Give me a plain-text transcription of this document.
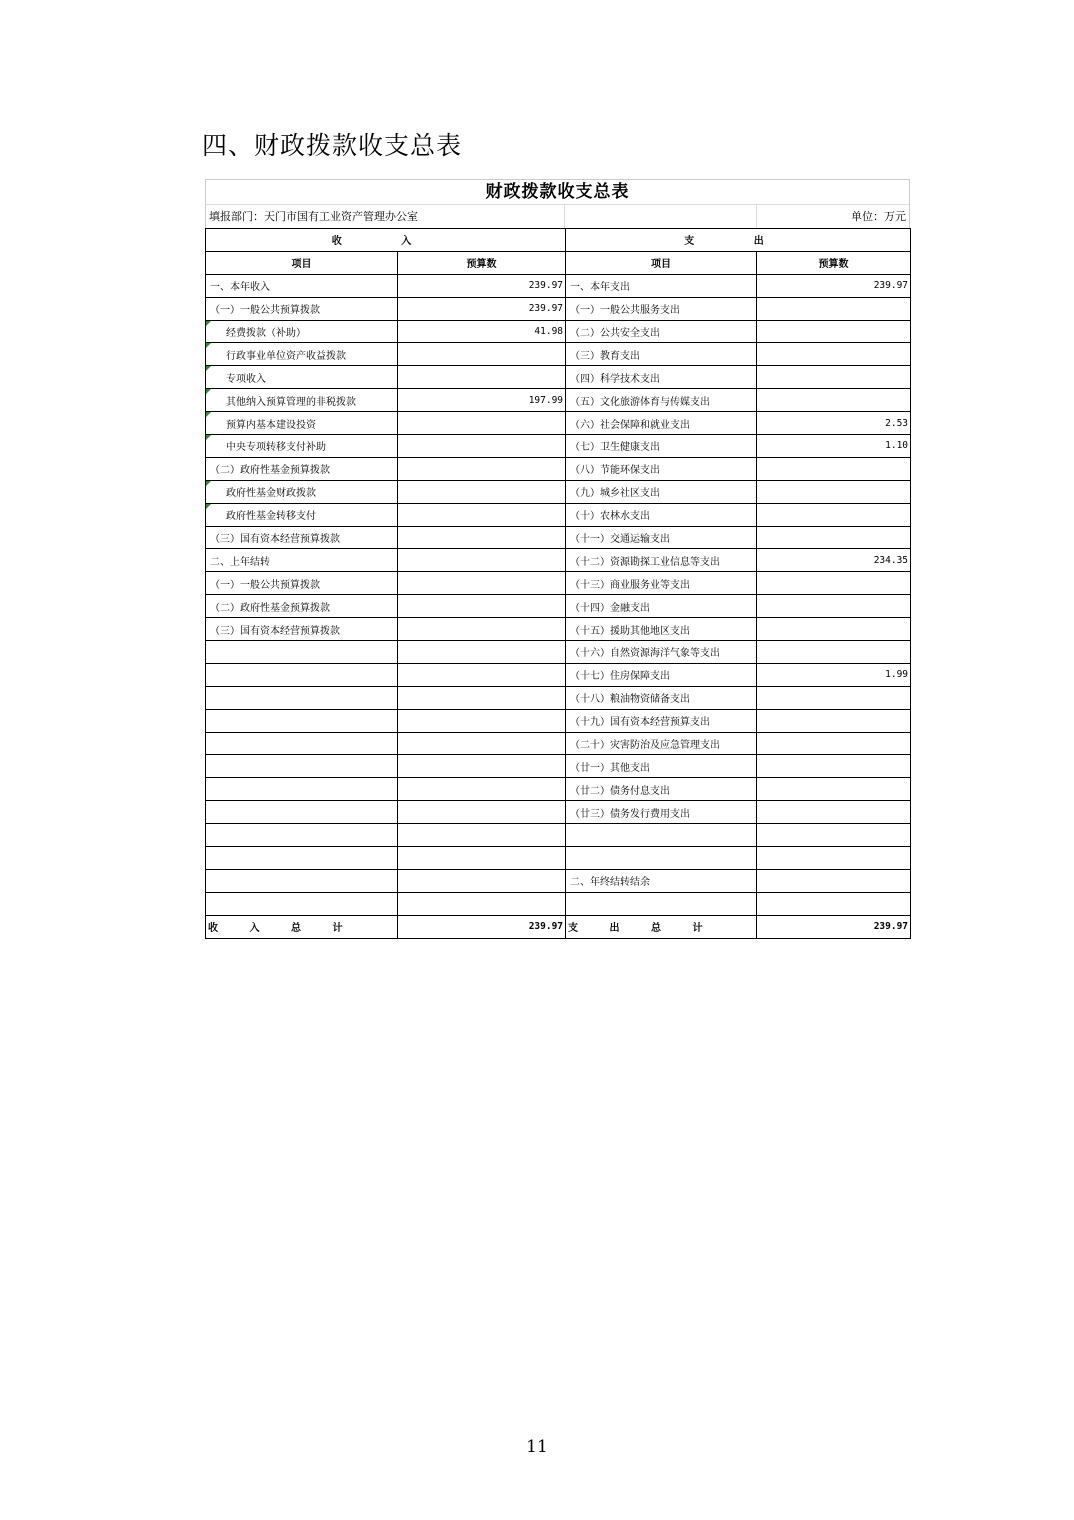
四、财政拨款收支总表
财政拨款收支总表
填报部门：天门市国有工业资产管理办公室	单位：万元
收 入		支 出	
项目	预算数	项目	预算数
一、本年收入	239.97	一、本年支出	239.97
（一）一般公共预算拨款	239.97	（一）一般公共服务支出	
经费拨款（补助）	41.98	（二）公共安全支出	
行政事业单位资产收益拨款		（三）教育支出	
专项收入		（四）科学技术支出	
其他纳入预算管理的非税拨款	197.99	（五）文化旅游体育与传媒支出	
预算内基本建设投资		（六）社会保障和就业支出	2.53
中央专项转移支付补助		（七）卫生健康支出	1.10
（二）政府性基金预算拨款		（八）节能环保支出	
政府性基金财政拨款		（九）城乡社区支出	
政府性基金转移支付		（十）农林水支出	
（三）国有资本经营预算拨款		（十一）交通运输支出	
二、上年结转		（十二）资源勘探工业信息等支出	234.35
（一）一般公共预算拨款		（十三）商业服务业等支出	
（二）政府性基金预算拨款		（十四）金融支出	
（三）国有资本经营预算拨款		（十五）援助其他地区支出	
		（十六）自然资源海洋气象等支出	
		（十七）住房保障支出	1.99
		（十八）粮油物资储备支出	
		（十九）国有资本经营预算支出	
		（二十）灾害防治及应急管理支出	
		（廿一）其他支出	
		（廿二）债务付息支出	
		（廿三）债务发行费用支出	

		二、年终结转结余	

收 入 总 计	239.97	支 出 总 计	239.97
11
